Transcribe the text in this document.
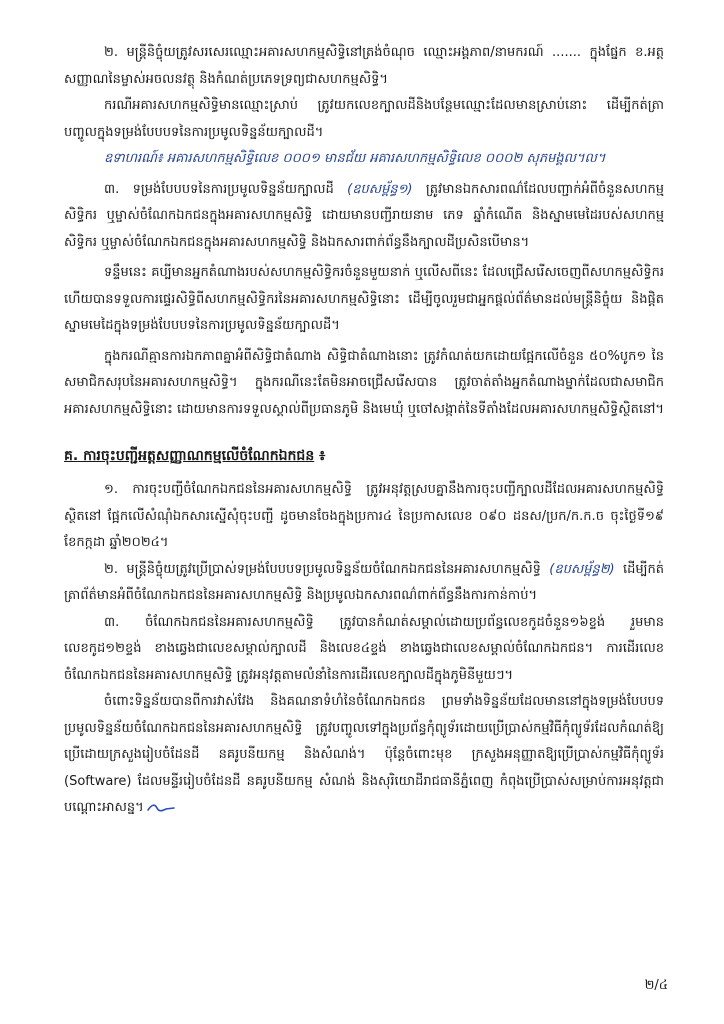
២. មន្ត្រីនិច្ចុំយត្រូវសរសេរឈ្មោះអគារសហកម្មសិទ្ធិនៅត្រង់ចំណុច ឈ្មោះអង្គភាព/នាមករណ៍ ....... ក្នុងផ្នែក ខ.អត្តសញ្ញាណនៃម្ចាស់អចលនវត្ថុ និងកំណត់ប្រភេទទ្រព្យជាសហកម្មសិទ្ធិ។

ករណីអគារសហកម្មសិទ្ធិមានឈ្មោះស្រាប់ ត្រូវយកលេខក្បាលដីនិងបន្ថែមឈ្មោះដែលមានស្រាប់នោះ ដើម្បីកត់ត្រាបញ្ចូលក្នុងទម្រង់បែបបទនៃការប្រមូលទិន្នន័យក្បាលដី។

ឧទាហរណ៍៖ អគារសហកម្មសិទ្ធិលេខ ០០០១ មានជ័យ អគារសហកម្មសិទ្ធិលេខ ០០០២ សុភមង្គល។ល។

៣. ទម្រង់បែបបទនៃការប្រមូលទិន្នន័យក្បាលដី (ឧបសម្ព័ន្ធ១) ត្រូវមានឯកសារពណ៌ដែលបញ្ជាក់អំពីចំនួនសហកម្មសិទ្ធិករ ឬម្ចាស់ចំណែកឯកជនក្នុងអគារសហកម្មសិទ្ធិ ដោយមានបញ្ជីរាយនាម ភេទ ឆ្នាំកំណើត និងស្នាមមេដៃរបស់សហកម្មសិទ្ធិករ ឬម្ចាស់ចំណែកឯកជនក្នុងអគារសហកម្មសិទ្ធិ និងឯកសារពាក់ព័ន្ធនឹងក្បាលដីប្រសិនបើមាន។

ទន្ទឹមនេះ គប្បីមានអ្នកតំណាងរបស់សហកម្មសិទ្ធិករចំនួនមួយនាក់ ឬលើសពីនេះ ដែលជ្រើសរើសចេញពីសហកម្មសិទ្ធិករ ហើយបានទទួលការផ្ទេរសិទ្ធិពីសហកម្មសិទ្ធិករនៃអគារសហកម្មសិទ្ធិនោះ ដើម្បីចូលរួមជាអ្នកផ្តល់ព័ត៌មានដល់មន្ត្រីនិច្ចុំយ និងផ្តិតស្នាមមេដៃក្នុងទម្រង់បែបបទនៃការប្រមូលទិន្នន័យក្បាលដី។

ក្នុងករណីគ្មានការឯកភាពគ្នាអំពីសិទ្ធិជាតំណាង សិទ្ធិជាតំណាងនោះ ត្រូវកំណត់យកដោយផ្អែកលើចំនួន ៥០%បូក១ នៃសមាជិកសរុបនៃអគារសហកម្មសិទ្ធិ។ ក្នុងករណីនេះតែមិនអាចជ្រើសរើសបាន ត្រូវចាត់តាំងអ្នកតំណាងម្នាក់ដែលជាសមាជិកអគារសហកម្មសិទ្ធិនោះ ដោយមានការទទួលស្គាល់ពីប្រធានភូមិ និងមេឃុំ ឬចៅសង្កាត់នៃទីតាំងដែលអគារសហកម្មសិទ្ធិស្ថិតនៅ។

គ. ការចុះបញ្ជីអត្តសញ្ញាណកម្មលើចំណែកឯកជន ៖

១. ការចុះបញ្ជីចំណែកឯកជននៃអគារសហកម្មសិទ្ធិ ត្រូវអនុវត្តស្របគ្នានឹងការចុះបញ្ជីក្បាលដីដែលអគារសហកម្មសិទ្ធិស្ថិតនៅ ផ្អែកលើសំណុំឯកសារស្នើសុំចុះបញ្ជី ដូចមានចែងក្នុងប្រការ៤ នៃប្រកាសលេខ ០៩០ ដនស/ប្រក/ក.ក.ច ចុះថ្ងៃទី១៩ ខែកក្កដា ឆ្នាំ២០២៤។

២. មន្ត្រីនិច្ចុំយត្រូវប្រើប្រាស់ទម្រង់បែបបទប្រមូលទិន្នន័យចំណែកឯកជននៃអគារសហកម្មសិទ្ធិ (ឧបសម្ព័ន្ធ២) ដើម្បីកត់ត្រាព័ត៌មានអំពីចំណែកឯកជននៃអគារសហកម្មសិទ្ធិ និងប្រមូលឯកសារពណ៌ពាក់ព័ន្ធនឹងការកាន់កាប់។

៣. ចំណែកឯកជននៃអគារសហកម្មសិទ្ធិ ត្រូវបានកំណត់សម្គាល់ដោយប្រព័ន្ធលេខកូដចំនួន១៦ខ្ទង់ រួមមានលេខកូដ១២ខ្ទង់ ខាងឆ្វេងជាលេខសម្គាល់ក្បាលដី និងលេខ៤ខ្ទង់ ខាងឆ្វេងជាលេខសម្គាល់ចំណែកឯកជន។ ការដើរលេខចំណែកឯកជននៃអគារសហកម្មសិទ្ធិ ត្រូវអនុវត្តតាមលំនាំនៃការដើរលេខក្បាលដីក្នុងភូមិនីមួយៗ។

ចំពោះទិន្នន័យបានពីការវាស់វែង និងគណនាទំហំនៃចំណែកឯកជន ព្រមទាំងទិន្នន័យដែលមាននៅក្នុងទម្រង់បែបបទប្រមូលទិន្នន័យចំណែកឯកជននៃអគារសហកម្មសិទ្ធិ ត្រូវបញ្ចូលទៅក្នុងប្រព័ន្ធកុំព្យូទ័រដោយប្រើប្រាស់កម្មវិធីកុំព្យូទ័រដែលកំណត់ឱ្យប្រើដោយក្រសួងរៀបចំដែនដី នគរូបនីយកម្ម និងសំណង់។ ប៉ុន្តែចំពោះមុខ ក្រសួងអនុញ្ញាតឱ្យប្រើប្រាស់កម្មវិធីកុំព្យូទ័រ (Software) ដែលមន្ទីររៀបចំដែនដី នគរូបនីយកម្ម សំណង់ និងសុរិយោដីរាជធានីភ្នំពេញ កំពុងប្រើប្រាស់សម្រាប់ការអនុវត្តជាបណ្តោះអាសន្ន។

២/៤
